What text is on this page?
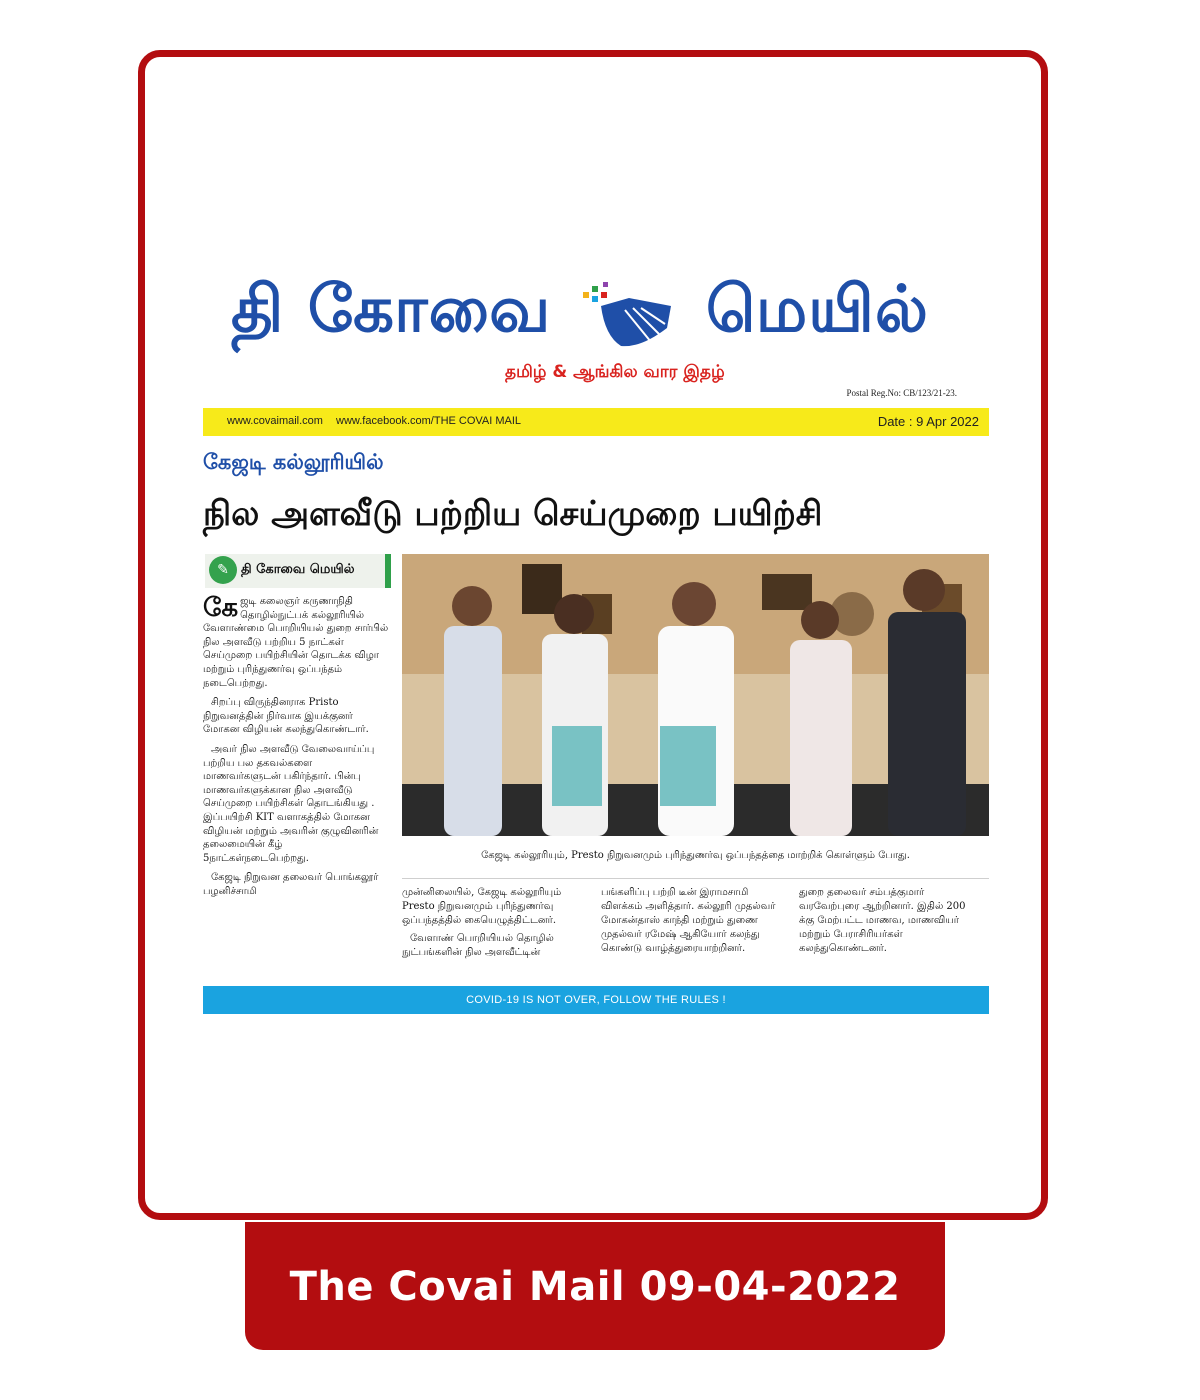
தி கோவை மெயில்
தமிழ் & ஆங்கில வார இதழ்
Postal Reg.No: CB/123/21-23.
www.covaimail.com www.facebook.com/THE COVAI MAIL	Date : 9 Apr 2022
கேஜடி கல்லூரியில்
நில அளவீடு பற்றிய செய்முறை பயிற்சி
✎ தி கோவை மெயில்

கேஜடி கலைஞர் கருணாநிதி தொழில்நுட்பக் கல்லூரியில் வேளாண்மை பொறியியல் துறை சார்பில் நில அளவீடு பற்றிய 5 நாட்கள் செய்முறை பயிற்சியின் தொடக்க விழா மற்றும் புரிந்துணர்வு ஒப்பந்தம் நடைபெற்றது.

சிறப்பு விருந்தினராக Pristo நிறுவனத்தின் நிர்வாக இயக்குனர் மோகன விழியன் கலந்துகொண்டார்.

அவர் நில அளவீடு வேலைவாய்ப்பு பற்றிய பல தகவல்களை மாணவர்களுடன் பகிர்ந்தார். பின்பு மாணவர்களுக்கான நில அளவீடு செய்முறை பயிற்சிகள் தொடங்கியது . இப்பயிற்சி KIT வளாகத்தில் மோகன விழியன் மற்றும் அவரின் குழுவினரின் தலைமையின் கீழ் 5நாட்கள்நடைபெற்றது.

கேஜடி நிறுவன தலைவர் பொங்கலூர் பழனிச்சாமி

கேஜடி கல்லூரியும், Presto நிறுவனமும் புரிந்துணர்வு ஒப்பந்தத்தை மாற்றிக் கொள்ளும் போது.

முன்னிலையில், கேஜடி கல்லூரியும் Presto நிறுவனமும் புரிந்துணர்வு ஒப்பந்தத்தில் கையெழுத்திட்டனர்.

வேளாண் பொறியியல் தொழில் நுட்பங்களின் நில அளவீட்டின்

பங்களிப்பு பற்றி டீன் இராமசாமி விளக்கம் அளித்தார். கல்லூரி முதல்வர் மோகன்தாஸ் காந்தி மற்றும் துணை முதல்வர் ரமேஷ் ஆகியோர் கலந்து கொண்டு வாழ்த்துரையாற்றினர்.

துறை தலைவர் சம்பத்குமார் வரவேற்புரை ஆற்றினார். இதில் 200 க்கு மேற்பட்ட மாணவ, மாணவியர் மற்றும் பேராசிரியர்கள் கலந்துகொண்டனர்.

COVID-19 IS NOT OVER, FOLLOW THE RULES !
The Covai Mail 09-04-2022
